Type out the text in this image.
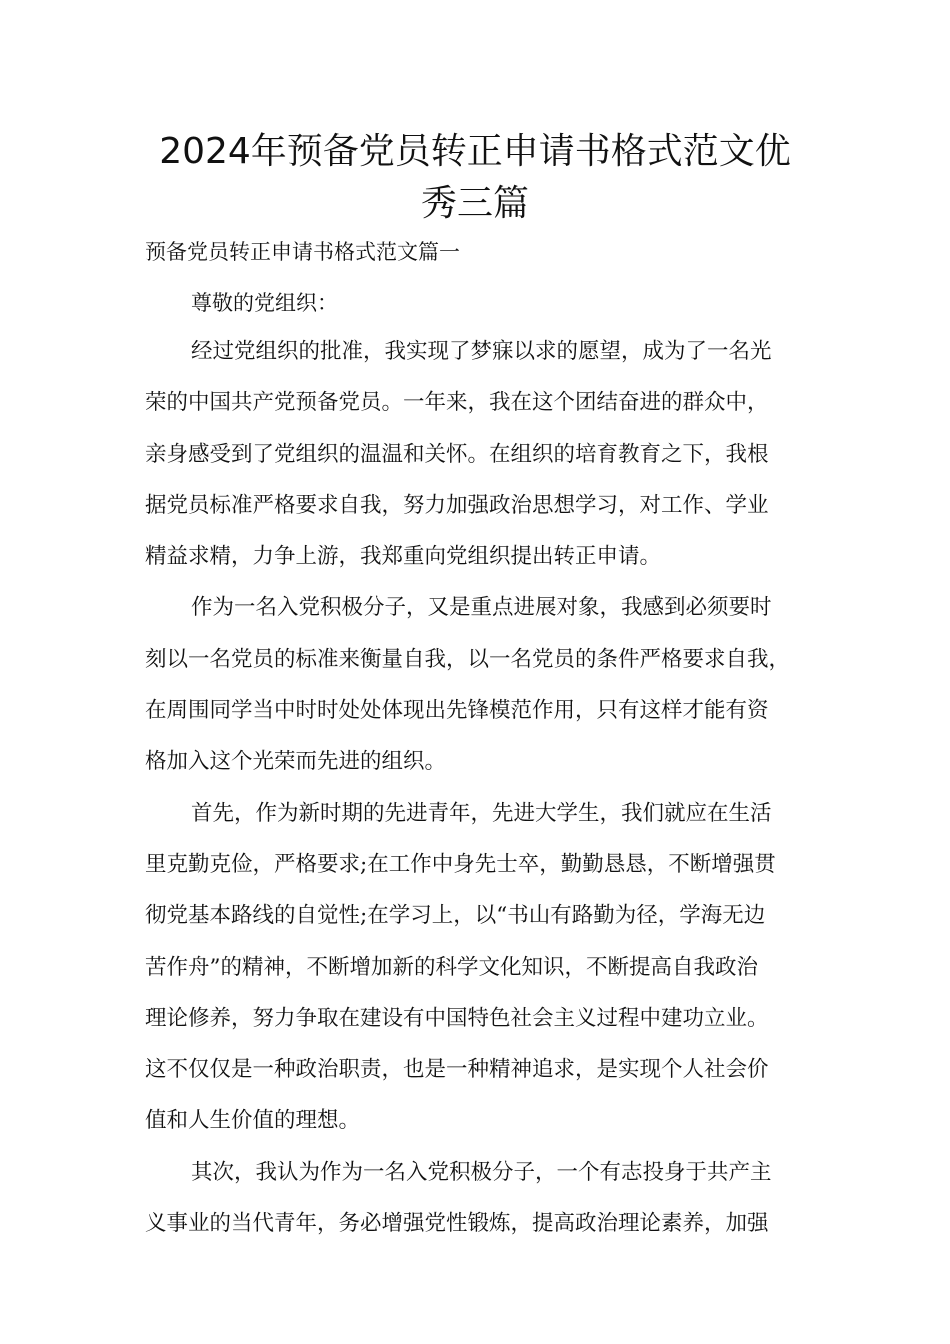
2024年预备党员转正申请书格式范文优
秀三篇
预备党员转正申请书格式范文篇一
尊敬的党组织：
经过党组织的批准，我实现了梦寐以求的愿望，成为了一名光
荣的中国共产党预备党员。一年来，我在这个团结奋进的群众中，
亲身感受到了党组织的温温和关怀。在组织的培育教育之下，我根
据党员标准严格要求自我，努力加强政治思想学习，对工作、学业
精益求精，力争上游，我郑重向党组织提出转正申请。
作为一名入党积极分子，又是重点进展对象，我感到必须要时
刻以一名党员的标准来衡量自我，以一名党员的条件严格要求自我，
在周围同学当中时时处处体现出先锋模范作用，只有这样才能有资
格加入这个光荣而先进的组织。
首先，作为新时期的先进青年，先进大学生，我们就应在生活
里克勤克俭，严格要求;在工作中身先士卒，勤勤恳恳，不断增强贯
彻党基本路线的自觉性;在学习上，以“书山有路勤为径，学海无边
苦作舟”的精神，不断增加新的科学文化知识，不断提高自我政治
理论修养，努力争取在建设有中国特色社会主义过程中建功立业。
这不仅仅是一种政治职责，也是一种精神追求，是实现个人社会价
值和人生价值的理想。
其次，我认为作为一名入党积极分子，一个有志投身于共产主
义事业的当代青年，务必增强党性锻炼，提高政治理论素养，加强
